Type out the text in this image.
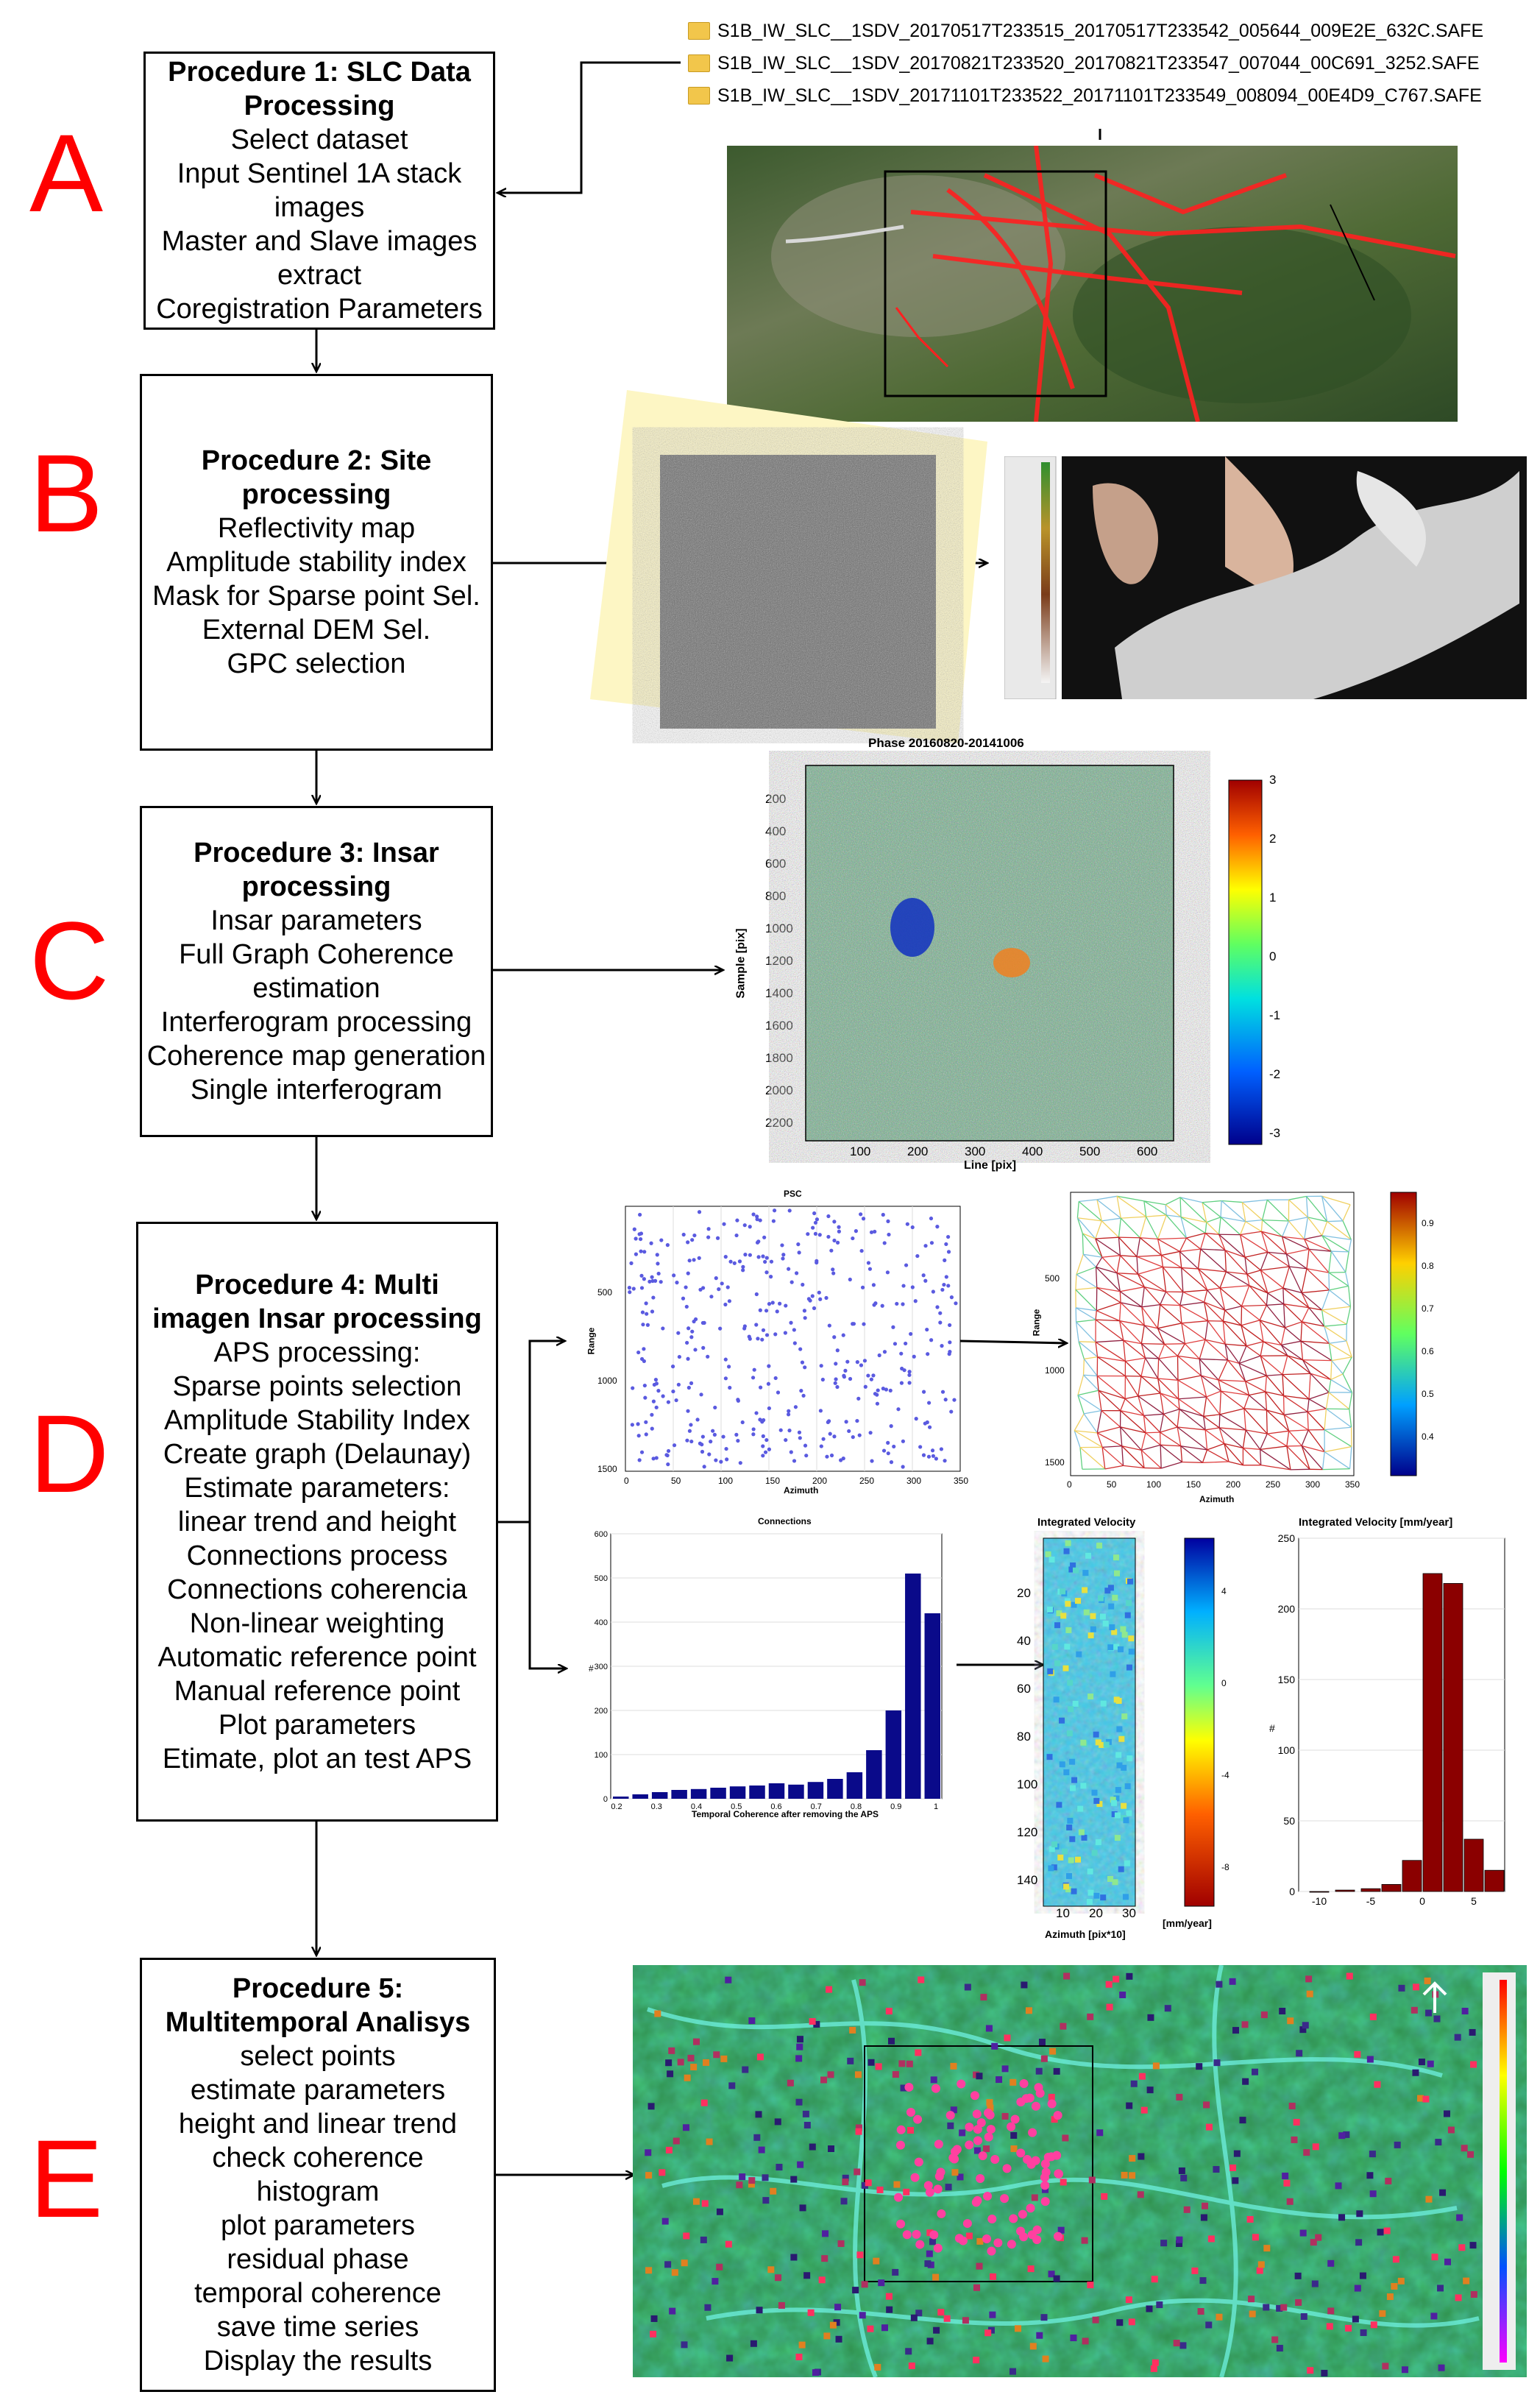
A
B
C
D
E
Procedure 1: SLC Data Processing
Select dataset
Input Sentinel 1A stack images
Master and Slave images extract
Coregistration Parameters
Procedure 2: Site processing
Reflectivity map
Amplitude stability index
Mask for Sparse point Sel.
External DEM Sel.
GPC selection
Procedure 3: Insar processing
Insar parameters
Full Graph Coherence estimation
Interferogram processing
Coherence map generation
Single interferogram
Procedure 4: Multi imagen Insar processing
APS processing:
Sparse points selection
Amplitude Stability Index
Create graph (Delaunay)
Estimate parameters:
linear trend and height
Connections process
Connections coherencia
Non-linear weighting
Automatic reference point
Manual reference point
Plot parameters
Etimate, plot an test APS
Procedure 5: Multitemporal Analisys
select points
estimate parameters
height and linear trend
check coherence
histogram
plot parameters
residual phase
temporal coherence
save time series
Display the results
S1B_IW_SLC__1SDV_20170517T233515_20170517T233542_005644_009E2E_632C.SAFE
S1B_IW_SLC__1SDV_20170821T233520_20170821T233547_007044_00C691_3252.SAFE
S1B_IW_SLC__1SDV_20171101T233522_20171101T233549_008094_00E4D9_C767.SAFE
Phase 20160820-20141006
Sample [pix]
200
400
600
800
1000
1200
1400
1600
1800
2000
2200
3
2
1
0
-1
-2
-3
100	200	300	400	500	600
Line [pix]
PSC
500
1000
1500
0	50	100	150	200	250	300	350
Range
Azimuth
500
1000
1500
0	50	100	150	200	250	300	350
0.9
0.8
0.7
0.6
0.5
0.4
Range
Azimuth
Connections
0
100
200
300
400
500
600
0.2	0.3	0.4	0.5	0.6	0.7	0.8	0.9	1
#
Temporal Coherence after removing the APS
Integrated Velocity
20
40
60
80
100
120
140
10 20 30
4
0
-4
-8
[mm/year]
Azimuth [pix*10]
Integrated Velocity [mm/year]
0
50
100
150
200
250
-10	-5	0	5
#
